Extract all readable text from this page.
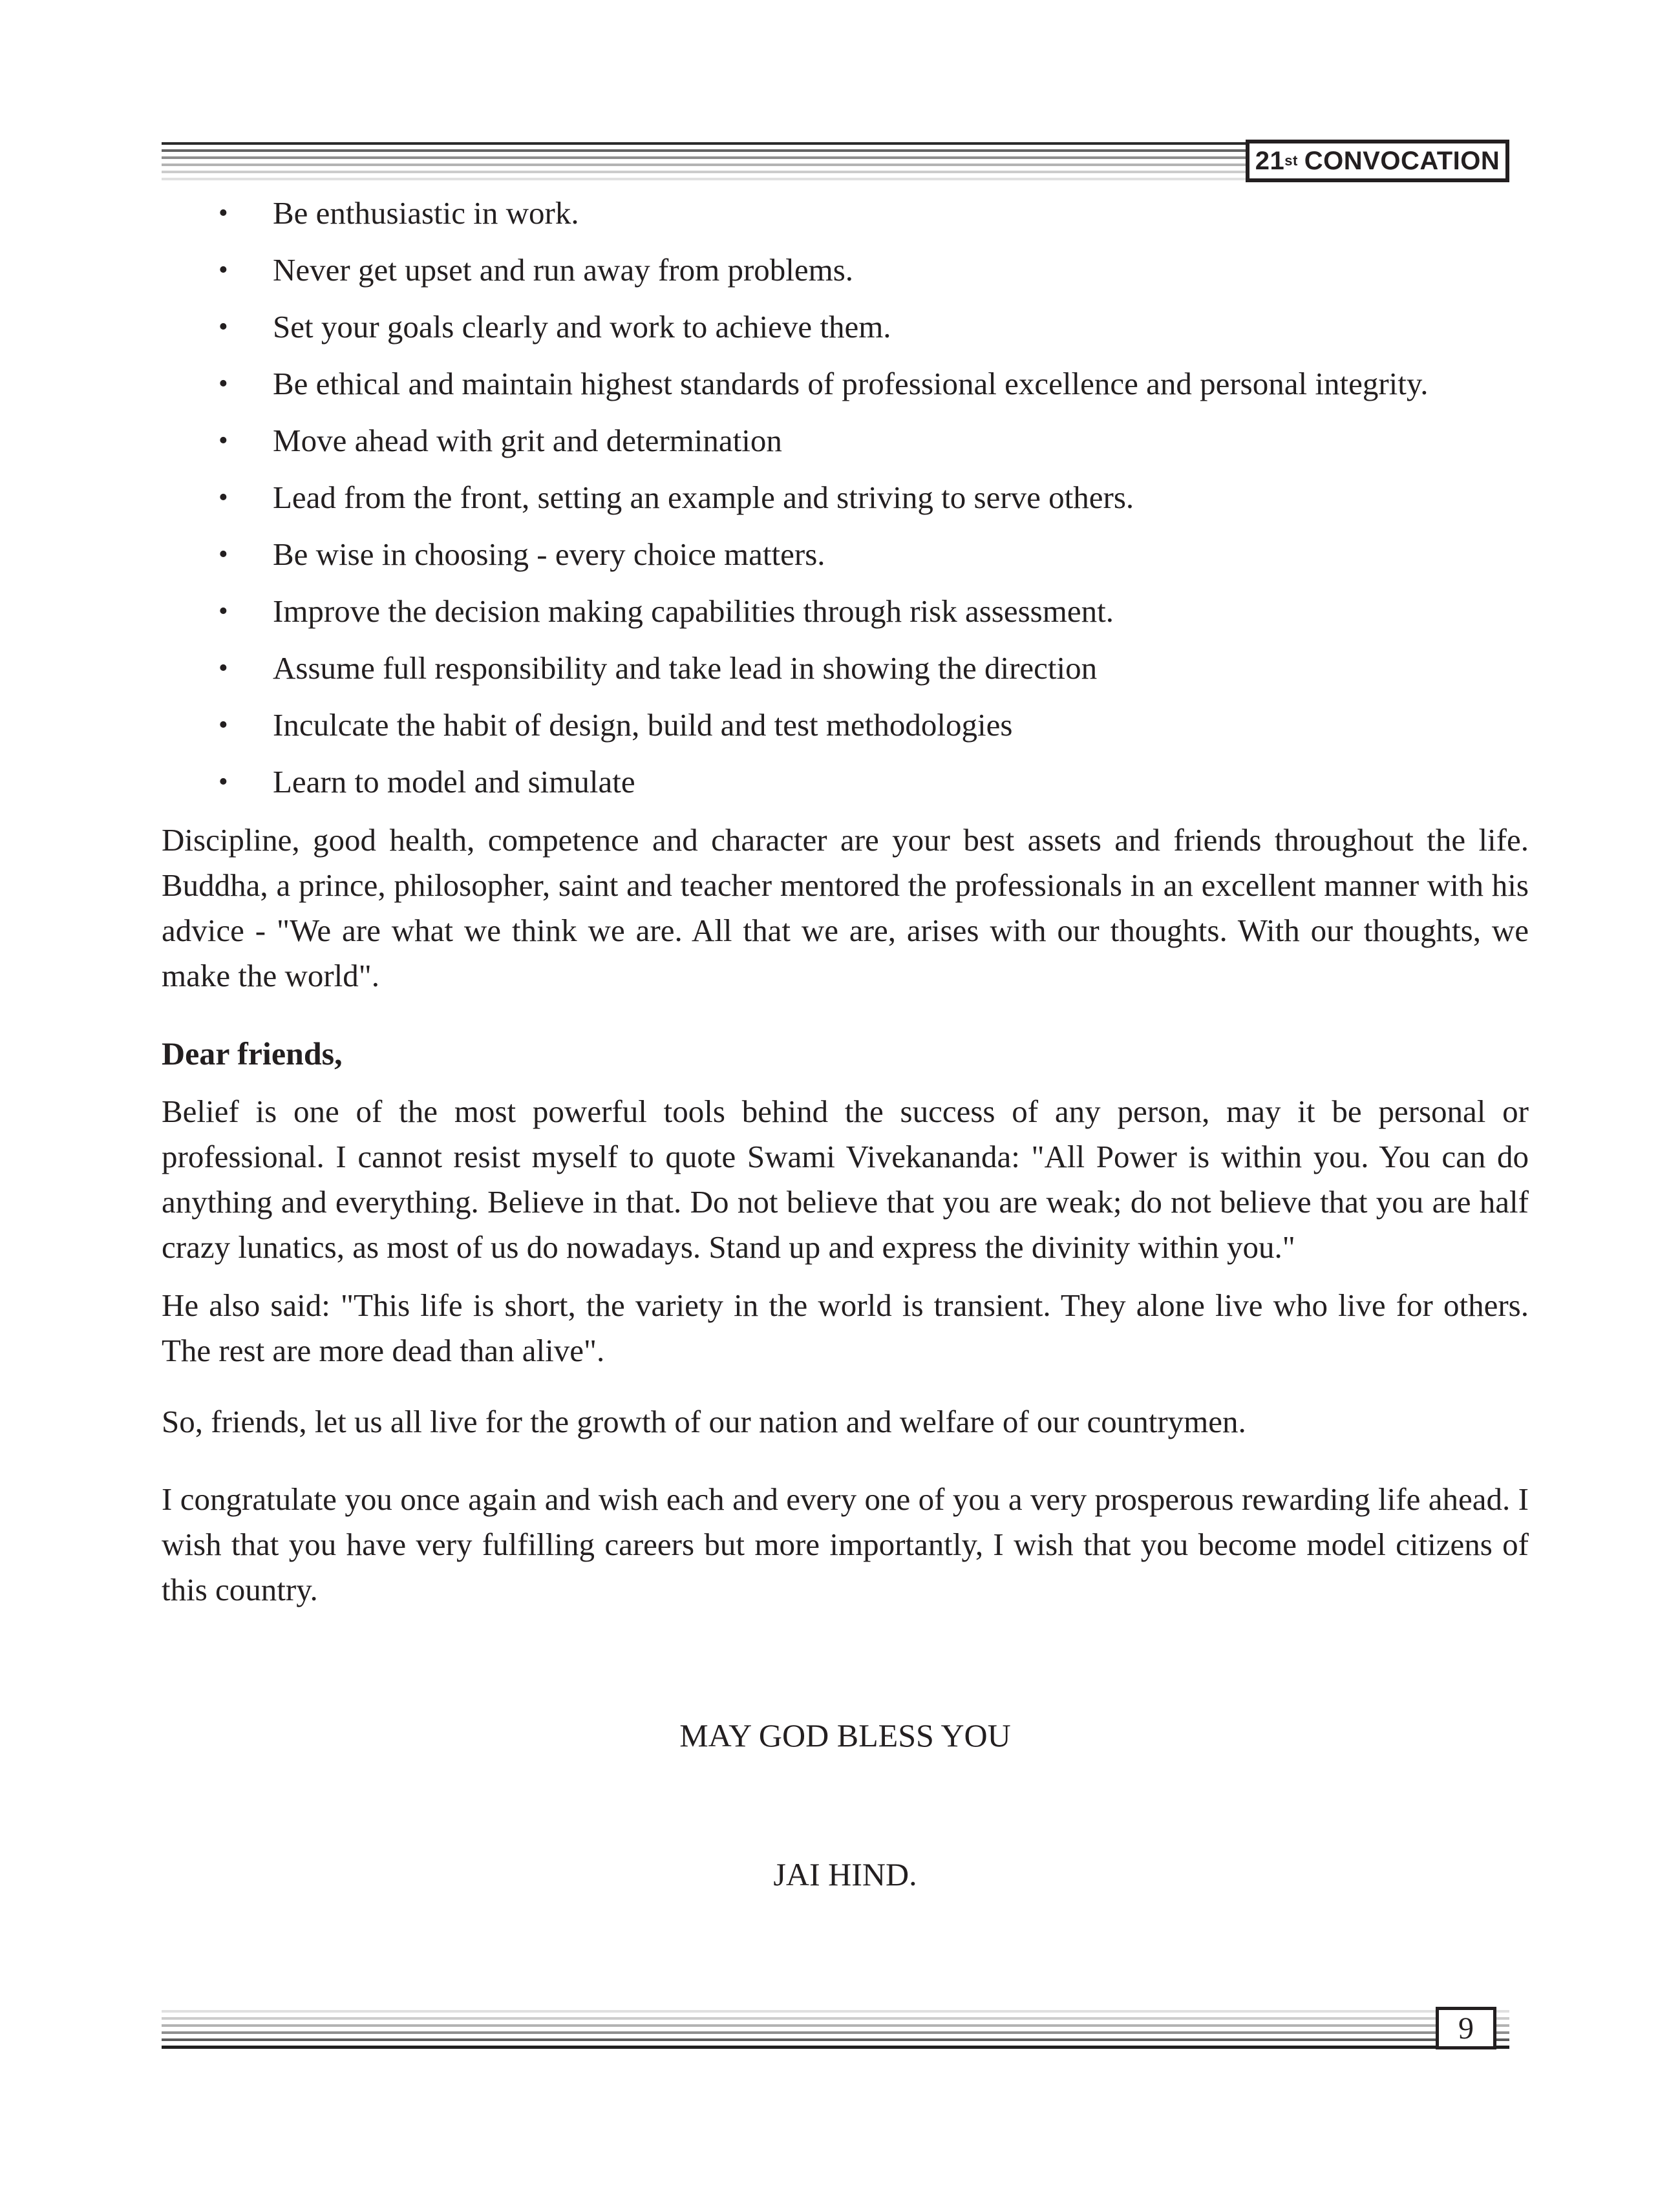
21 st CONVOCATION
• Be enthusiastic in work.
• Never get upset and run away from problems.
• Set your goals clearly and work to achieve them.
• Be ethical and maintain highest standards of professional excellence and personal integrity.
• Move ahead with grit and determination
• Lead from the front, setting an example and striving to serve others.
• Be wise in choosing - every choice matters.
• Improve the decision making capabilities through risk assessment.
• Assume full responsibility and take lead in showing the direction
• Inculcate the habit of design, build and test methodologies
• Learn to model and simulate

Discipline, good health, competence and character are your best assets and friends throughout the life. Buddha, a prince, philosopher, saint and teacher mentored the professionals in an excellent manner with his advice - "We are what we think we are. All that we are, arises with our thoughts. With our thoughts, we make the world".

Dear friends,

Belief is one of the most powerful tools behind the success of any person, may it be personal or professional. I cannot resist myself to quote Swami Vivekananda: "All Power is within you. You can do anything and everything. Believe in that. Do not believe that you are weak; do not believe that you are half crazy lunatics, as most of us do nowadays. Stand up and express the divinity within you."

He also said: "This life is short, the variety in the world is transient. They alone live who live for others. The rest are more dead than alive".

So, friends, let us all live for the growth of our nation and welfare of our countrymen.

I congratulate you once again and wish each and every one of you a very prosperous rewarding life ahead. I wish that you have very fulfilling careers but more importantly, I wish that you become model citizens of this country.

MAY GOD BLESS YOU

JAI HIND.

9
